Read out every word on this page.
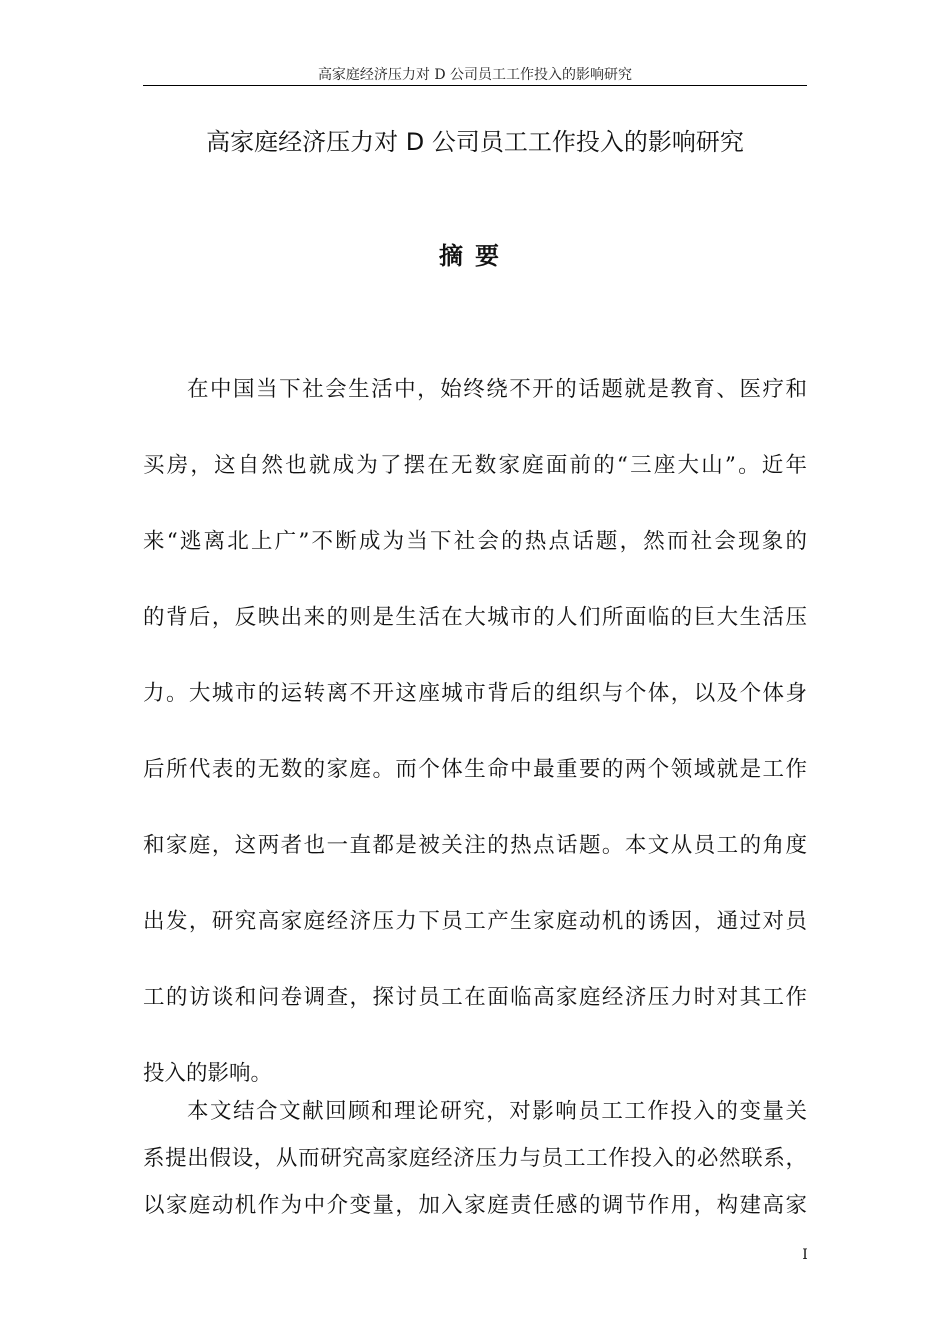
高家庭经济压力对 D 公司员工工作投入的影响研究
高家庭经济压力对 D 公司员工工作投入的影响研究
摘要

在中国当下社会生活中，始终绕不开的话题就是教育、医疗和
买房，这自然也就成为了摆在无数家庭面前的“三座大山”。近年
来“逃离北上广”不断成为当下社会的热点话题，然而社会现象的
的背后，反映出来的则是生活在大城市的人们所面临的巨大生活压
力。大城市的运转离不开这座城市背后的组织与个体，以及个体身
后所代表的无数的家庭。而个体生命中最重要的两个领域就是工作
和家庭，这两者也一直都是被关注的热点话题。本文从员工的角度
出发，研究高家庭经济压力下员工产生家庭动机的诱因，通过对员
工的访谈和问卷调查，探讨员工在面临高家庭经济压力时对其工作
投入的影响。

本文结合文献回顾和理论研究，对影响员工工作投入的变量关
系提出假设，从而研究高家庭经济压力与员工工作投入的必然联系，
以家庭动机作为中介变量，加入家庭责任感的调节作用，构建高家

I
